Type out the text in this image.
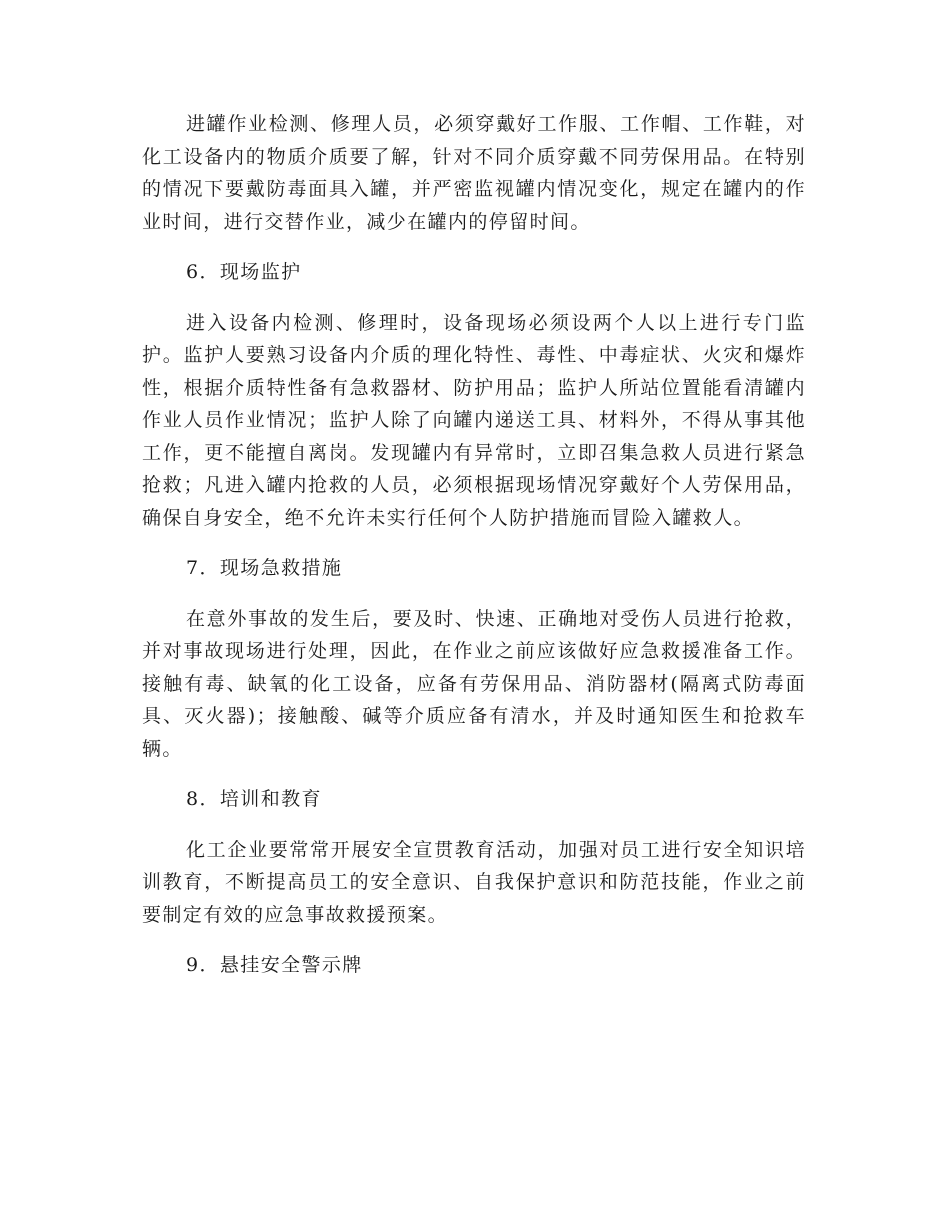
进罐作业检测、修理人员，必须穿戴好工作服、工作帽、工作鞋，对化工设备内的物质介质要了解，针对不同介质穿戴不同劳保用品。在特别的情况下要戴防毒面具入罐，并严密监视罐内情况变化，规定在罐内的作业时间，进行交替作业，减少在罐内的停留时间。

6．现场监护

进入设备内检测、修理时，设备现场必须设两个人以上进行专门监护。监护人要熟习设备内介质的理化特性、毒性、中毒症状、火灾和爆炸性，根据介质特性备有急救器材、防护用品；监护人所站位置能看清罐内作业人员作业情况；监护人除了向罐内递送工具、材料外，不得从事其他工作，更不能擅自离岗。发现罐内有异常时，立即召集急救人员进行紧急抢救；凡进入罐内抢救的人员，必须根据现场情况穿戴好个人劳保用品，确保自身安全，绝不允许未实行任何个人防护措施而冒险入罐救人。

7．现场急救措施

在意外事故的发生后，要及时、快速、正确地对受伤人员进行抢救，并对事故现场进行处理，因此，在作业之前应该做好应急救援准备工作。接触有毒、缺氧的化工设备，应备有劳保用品、消防器材(隔离式防毒面具、灭火器)；接触酸、碱等介质应备有清水，并及时通知医生和抢救车辆。

8．培训和教育

化工企业要常常开展安全宣贯教育活动，加强对员工进行安全知识培训教育，不断提高员工的安全意识、自我保护意识和防范技能，作业之前要制定有效的应急事故救援预案。

9．悬挂安全警示牌
